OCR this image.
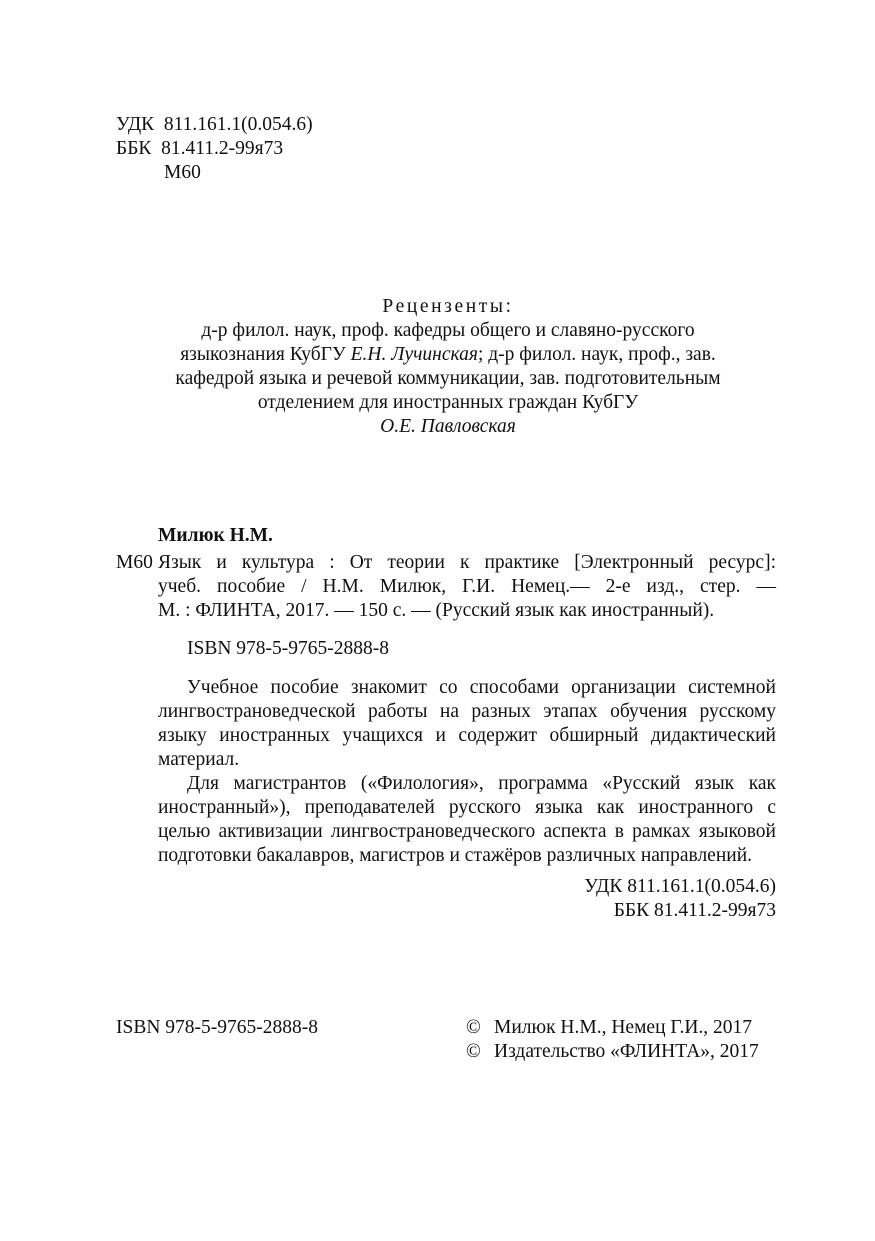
УДК  811.161.1(0.054.6)
ББК  81.411.2-99я73
М60
Рецензенты:
д-р филол. наук, проф. кафедры общего и славяно-русского
языкознания КубГУ Е.Н. Лучинская; д-р филол. наук, проф., зав.
кафедрой языка и речевой коммуникации, зав. подготовительным
отделением для иностранных граждан КубГУ
О.Е. Павловская
Милюк Н.М.
М60 Язык и культура : От теории к практике [Электронный ресурс]:
учеб. пособие / Н.М. Милюк, Г.И. Немец.— 2-е изд., стер. —
М. : ФЛИНТА, 2017. — 150 с. — (Русский язык как иностранный).
ISBN 978-5-9765-2888-8

Учебное пособие знакомит со способами организации системной лингвострановедческой работы на разных этапах обучения русскому языку иностранных учащихся и содержит обширный дидактический материал.

Для магистрантов («Филология», программа «Русский язык как иностранный»), преподавателей русского языка как иностранного с целью активизации лингвострановедческого аспекта в рамках языковой подготовки бакалавров, магистров и стажёров различных направлений.

УДК 811.161.1(0.054.6)
ББК 81.411.2-99я73
ISBN 978-5-9765-2888-8	© Милюк Н.М., Немец Г.И., 2017
© Издательство «ФЛИНТА», 2017
